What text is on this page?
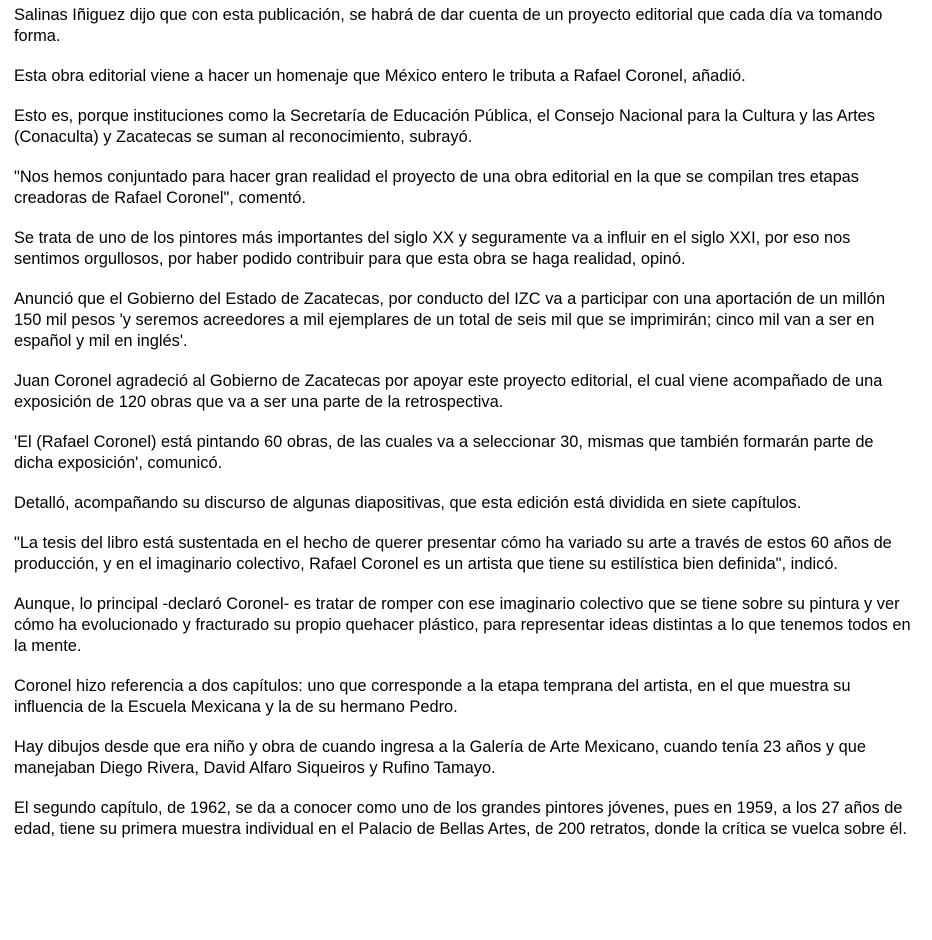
Salinas Iñiguez dijo que con esta publicación, se habrá de dar cuenta de un proyecto editorial que cada día va tomando forma.

Esta obra editorial viene a hacer un homenaje que México entero le tributa a Rafael Coronel, añadió.

Esto es, porque instituciones como la Secretaría de Educación Pública, el Consejo Nacional para la Cultura y las Artes (Conaculta) y Zacatecas se suman al reconocimiento, subrayó.

"Nos hemos conjuntado para hacer gran realidad el proyecto de una obra editorial en la que se compilan tres etapas creadoras de Rafael Coronel", comentó.

Se trata de uno de los pintores más importantes del siglo XX y seguramente va a influir en el siglo XXI, por eso nos sentimos orgullosos, por haber podido contribuir para que esta obra se haga realidad, opinó.

Anunció que el Gobierno del Estado de Zacatecas, por conducto del IZC va a participar con una aportación de un millón 150 mil pesos 'y seremos acreedores a mil ejemplares de un total de seis mil que se imprimirán; cinco mil van a ser en español y mil en inglés'.

Juan Coronel agradeció al Gobierno de Zacatecas por apoyar este proyecto editorial, el cual viene acompañado de una exposición de 120 obras que va a ser una parte de la retrospectiva.

'El (Rafael Coronel) está pintando 60 obras, de las cuales va a seleccionar 30, mismas que también formarán parte de dicha exposición', comunicó.

Detalló, acompañando su discurso de algunas diapositivas, que esta edición está dividida en siete capítulos.

"La tesis del libro está sustentada en el hecho de querer presentar cómo ha variado su arte a través de estos 60 años de producción, y en el imaginario colectivo, Rafael Coronel es un artista que tiene su estilística bien definida", indicó.

Aunque, lo principal -declaró Coronel- es tratar de romper con ese imaginario colectivo que se tiene sobre su pintura y ver cómo ha evolucionado y fracturado su propio quehacer plástico, para representar ideas distintas a lo que tenemos todos en la mente.

Coronel hizo referencia a dos capítulos: uno que corresponde a la etapa temprana del artista, en el que muestra su influencia de la Escuela Mexicana y la de su hermano Pedro.

Hay dibujos desde que era niño y obra de cuando ingresa a la Galería de Arte Mexicano, cuando tenía 23 años y que manejaban Diego Rivera, David Alfaro Siqueiros y Rufino Tamayo.

El segundo capítulo, de 1962, se da a conocer como uno de los grandes pintores jóvenes, pues en 1959, a los 27 años de edad, tiene su primera muestra individual en el Palacio de Bellas Artes, de 200 retratos, donde la crítica se vuelca sobre él.
